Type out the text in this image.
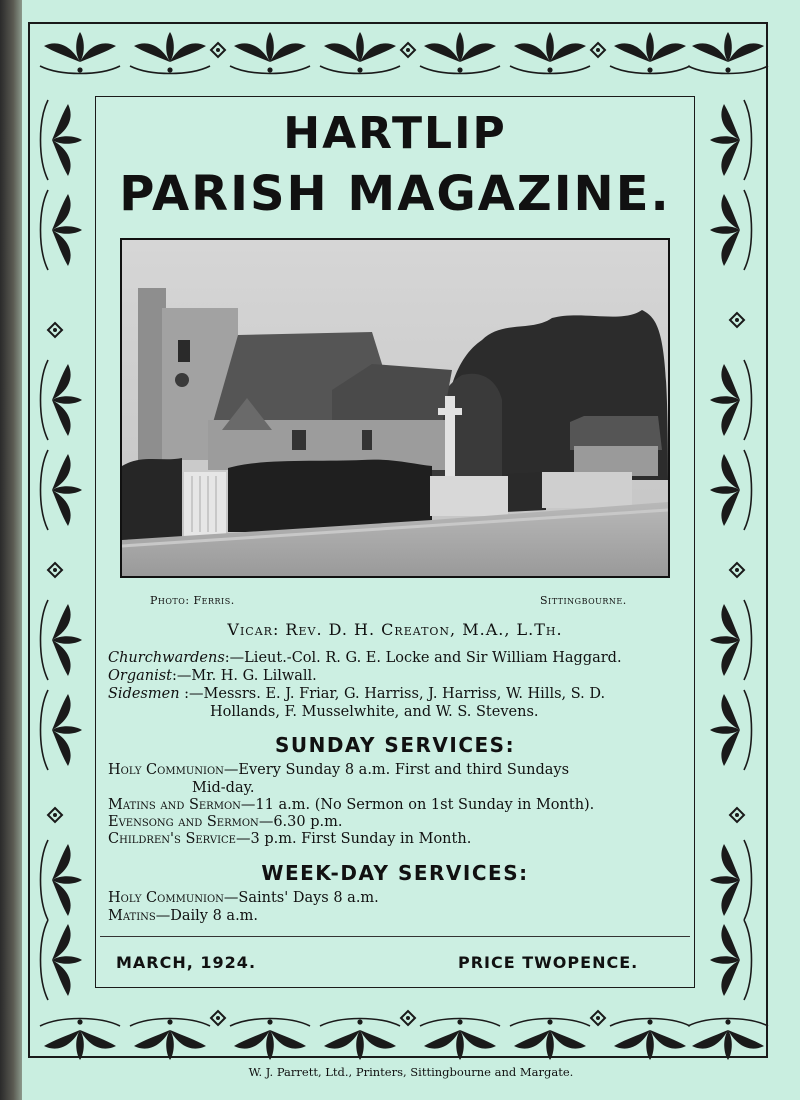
HARTLIP
PARISH MAGAZINE.
Photo: Ferris.	Sittingbourne.
Vicar: Rev. D. H. Creaton, M.A., L.Th.
Churchwardens:—Lieut.-Col. R. G. E. Locke and Sir William Haggard.
Organist:—Mr. H. G. Lilwall.
Sidesmen :—Messrs. E. J. Friar, G. Harriss, J. Harriss, W. Hills, S. D.
Hollands, F. Musselwhite, and W. S. Stevens.
SUNDAY SERVICES:
Holy Communion—Every Sunday 8 a.m. First and third Sundays
Mid-day.
Matins and Sermon—11 a.m. (No Sermon on 1st Sunday in Month).
Evensong and Sermon—6.30 p.m.
Children's Service—3 p.m. First Sunday in Month.
WEEK-DAY SERVICES:
Holy Communion—Saints' Days 8 a.m.
Matins—Daily 8 a.m.
MARCH, 1924.	PRICE TWOPENCE.
W. J. Parrett, Ltd., Printers, Sittingbourne and Margate.
